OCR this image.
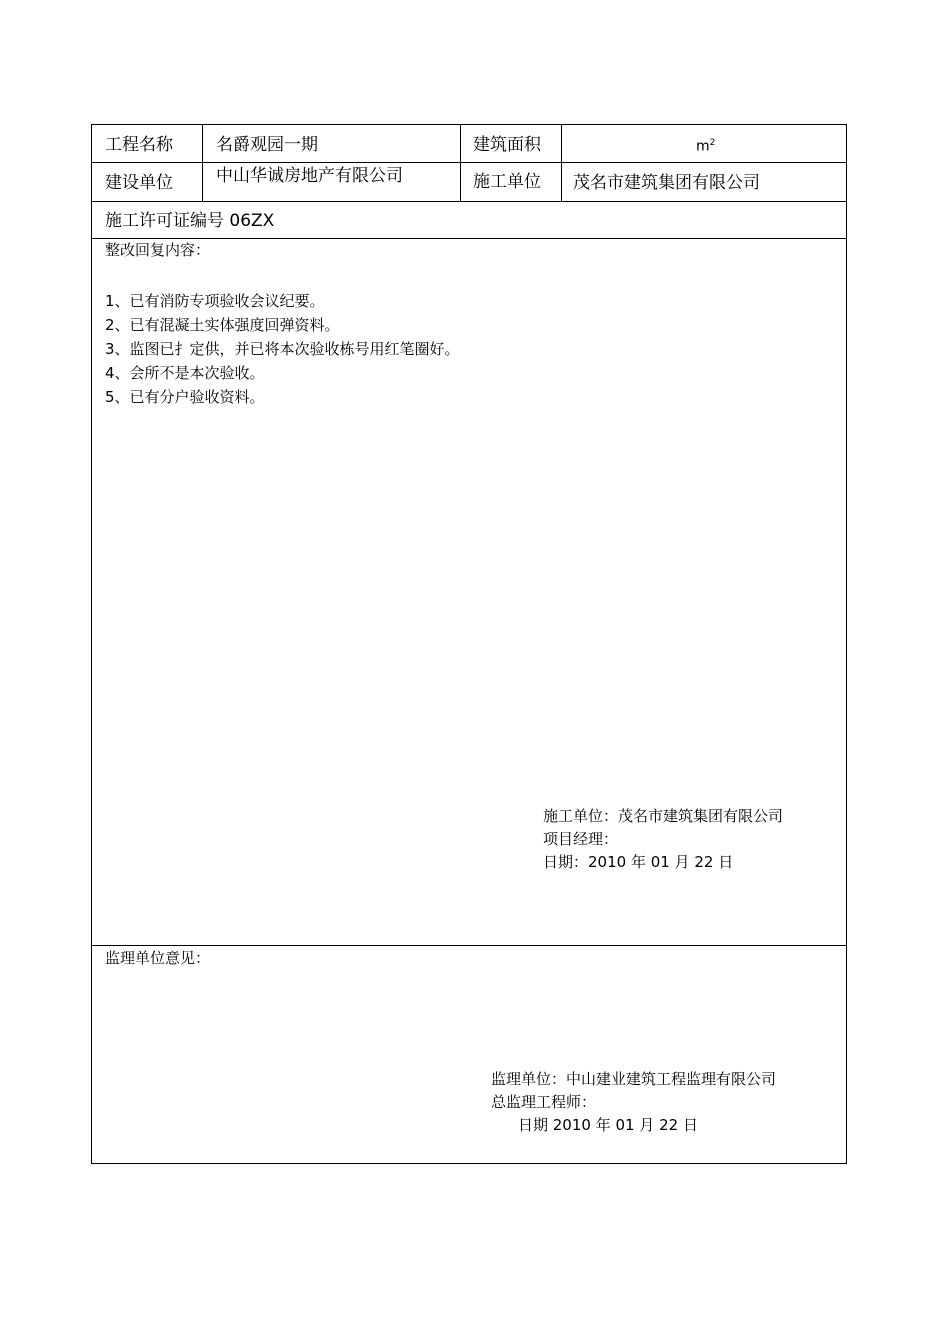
工程名称	名爵观园一期	建筑面积	$m^2$
建设单位	中山华诚房地产有限公司	施工单位 茂名市建筑集团有限公司
施工许可证编号 06ZX
整改回复内容：
1、已有消防专项验收会议纪要。
2、已有混凝土实体强度回弹资料。
3、监图已扌定供，并已将本次验收栋号用红笔圈好。
4、会所不是本次验收。
5、已有分户验收资料。
施工单位：茂名市建筑集团有限公司
项目经理：
日期：2010 年 01 月 22 日
监理单位意见：
监理单位：中山建业建筑工程监理有限公司
总监理工程师：
日期 2010 年 01 月 22 日
